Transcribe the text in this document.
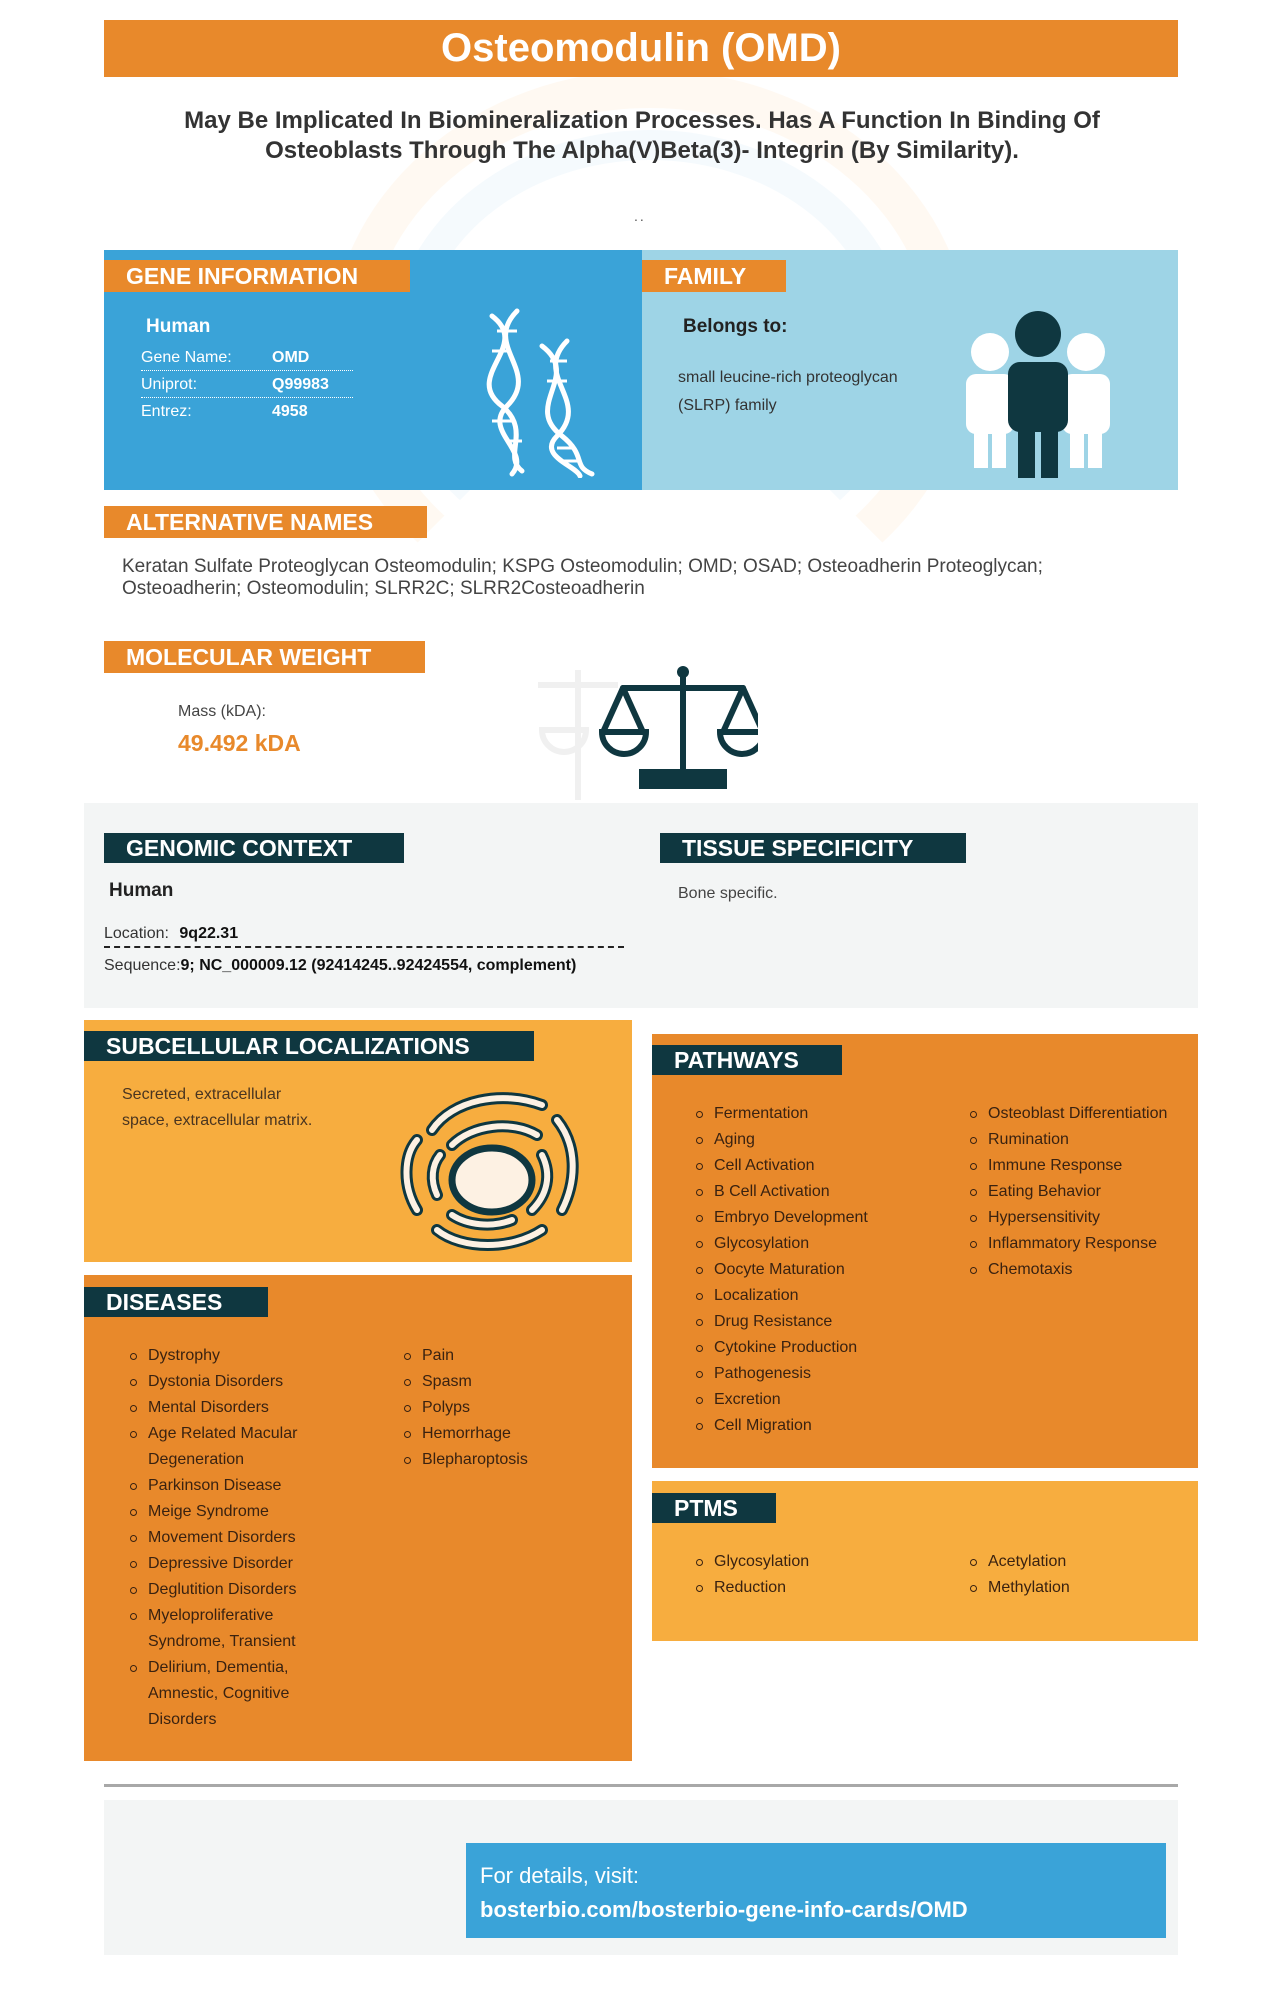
Osteomodulin (OMD)
May Be Implicated In Biomineralization Processes. Has A Function In Binding Of Osteoblasts Through The Alpha(V)Beta(3)- Integrin (By Similarity).
..
GENE INFORMATION	FAMILY
Human
Gene Name:	OMD
Uniprot:	Q99983
Entrez:	4958
Belongs to:
small leucine-rich proteoglycan (SLRP) family
ALTERNATIVE NAMES
Keratan Sulfate Proteoglycan Osteomodulin; KSPG Osteomodulin; OMD; OSAD; Osteoadherin Proteoglycan; Osteoadherin; Osteomodulin; SLRR2C; SLRR2Costeoadherin
MOLECULAR WEIGHT
Mass (kDA):
49.492 kDA
GENOMIC CONTEXT	TISSUE SPECIFICITY
Human
Location: 9q22.31
Sequence:9; NC_000009.12 (92414245..92424554, complement)
Bone specific.
SUBCELLULAR LOCALIZATIONS
Secreted, extracellular space, extracellular matrix.
DISEASES
Dystrophy
Dystonia Disorders
Mental Disorders
Age Related Macular Degeneration
Parkinson Disease
Meige Syndrome
Movement Disorders
Depressive Disorder
Deglutition Disorders
Myeloproliferative Syndrome, Transient
Delirium, Dementia, Amnestic, Cognitive Disorders
Pain
Spasm
Polyps
Hemorrhage
Blepharoptosis
PATHWAYS
Fermentation
Aging
Cell Activation
B Cell Activation
Embryo Development
Glycosylation
Oocyte Maturation
Localization
Drug Resistance
Cytokine Production
Pathogenesis
Excretion
Cell Migration
Osteoblast Differentiation
Rumination
Immune Response
Eating Behavior
Hypersensitivity
Inflammatory Response
Chemotaxis
PTMS
Glycosylation
Reduction
Acetylation
Methylation
For details, visit:
bosterbio.com/bosterbio-gene-info-cards/OMD
